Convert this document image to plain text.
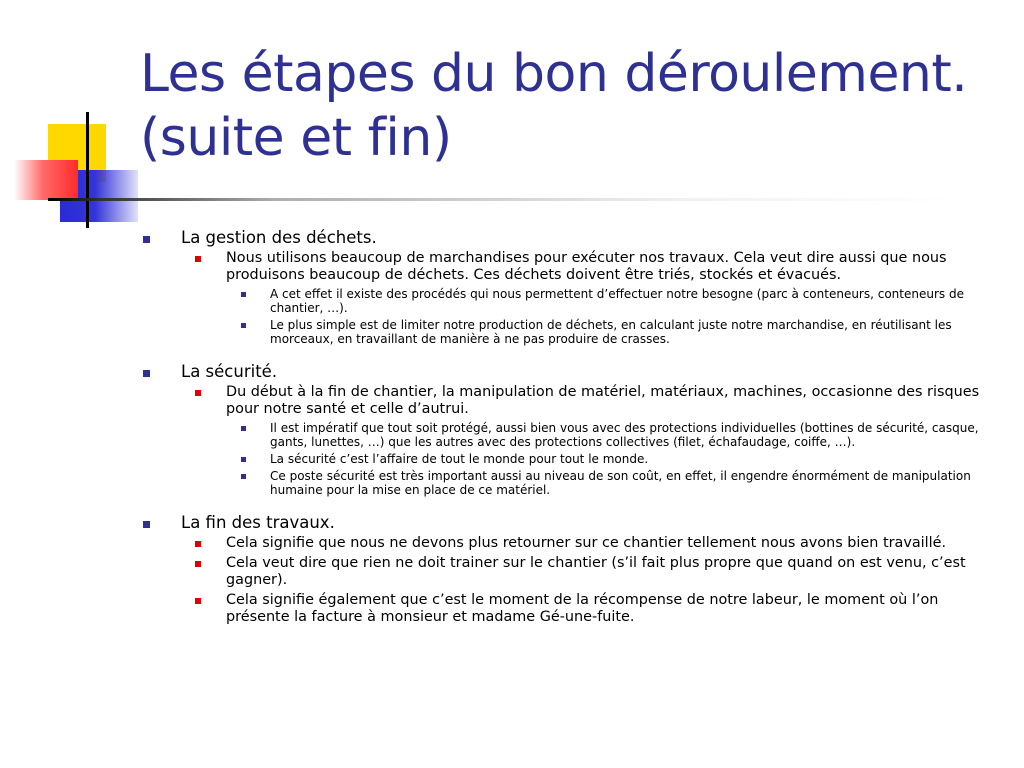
Les étapes du bon déroulement. (suite et fin)
La gestion des déchets.
Nous utilisons beaucoup de marchandises pour exécuter nos travaux. Cela veut dire aussi que nous produisons beaucoup de déchets. Ces déchets doivent être triés, stockés et évacués.
A cet effet il existe des procédés qui nous permettent d’effectuer notre besogne (parc à conteneurs, conteneurs de chantier, …).
Le plus simple est de limiter notre production de déchets, en calculant juste notre marchandise, en réutilisant les morceaux, en travaillant de manière à ne pas produire de crasses.
La sécurité.
Du début à la fin de chantier, la manipulation de matériel, matériaux, machines, occasionne des risques pour notre santé et celle d’autrui.
Il est impératif que tout soit protégé, aussi bien vous avec des protections individuelles (bottines de sécurité, casque, gants, lunettes, …) que les autres avec des protections collectives (filet, échafaudage, coiffe, …).
La sécurité c’est l’affaire de tout le monde pour tout le monde.
Ce poste sécurité est très important aussi au niveau de son coût, en effet, il engendre énormément de manipulation humaine pour la mise en place de ce matériel.
La fin des travaux.
Cela signifie que nous ne devons plus retourner sur ce chantier tellement nous avons bien travaillé.
Cela veut dire que rien ne doit trainer sur le chantier (s’il fait plus propre que quand on est venu, c’est gagner).
Cela signifie également que c’est le moment de la récompense de notre labeur, le moment où l’on présente la facture à monsieur et madame Gé-une-fuite.
